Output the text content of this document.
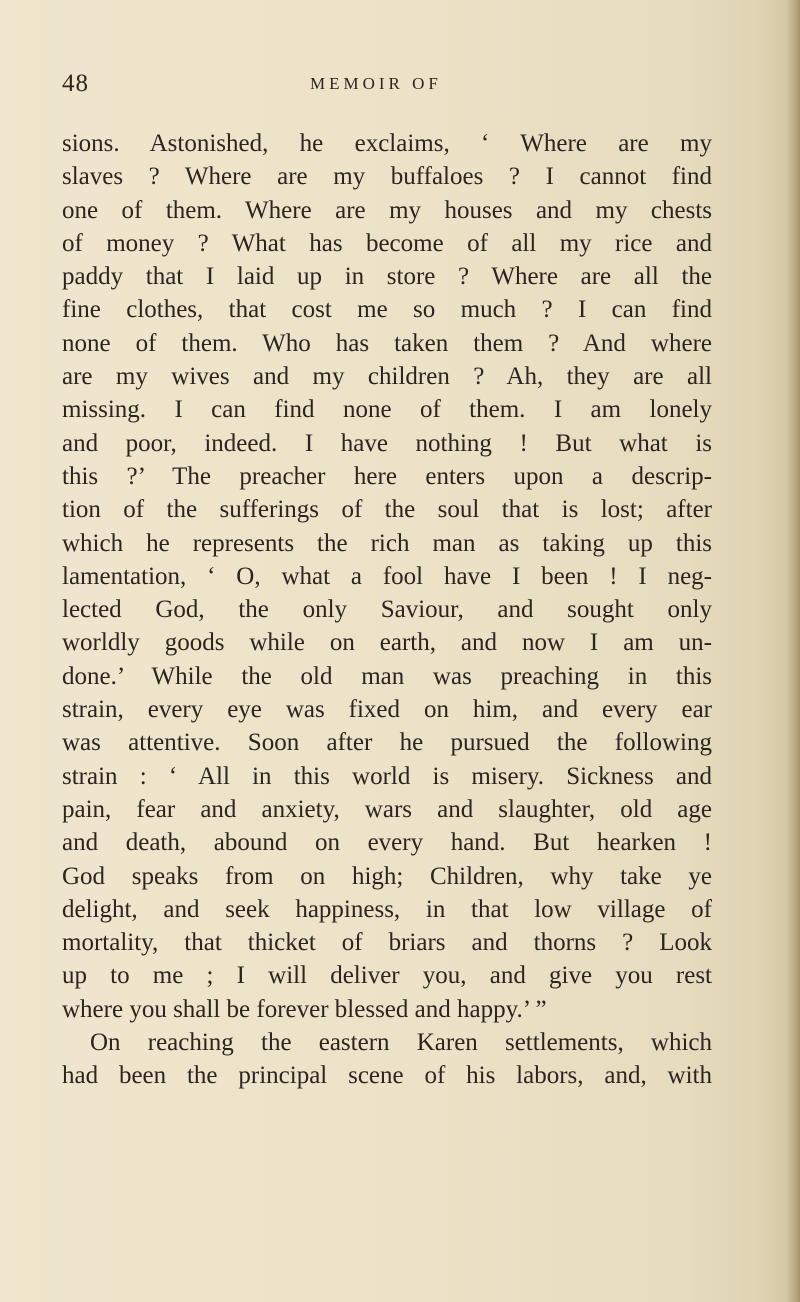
48	MEMOIR OF
sions. Astonished, he exclaims, ‘ Where are my
slaves ? Where are my buffaloes ? I cannot find
one of them. Where are my houses and my chests
of money ? What has become of all my rice and
paddy that I laid up in store ? Where are all the
fine clothes, that cost me so much ? I can find
none of them. Who has taken them ? And where
are my wives and my children ? Ah, they are all
missing. I can find none of them. I am lonely
and poor, indeed. I have nothing ! But what is
this ?’ The preacher here enters upon a descrip-
tion of the sufferings of the soul that is lost; after
which he represents the rich man as taking up this
lamentation, ‘ O, what a fool have I been ! I neg-
lected God, the only Saviour, and sought only
worldly goods while on earth, and now I am un-
done.’ While the old man was preaching in this
strain, every eye was fixed on him, and every ear
was attentive. Soon after he pursued the following
strain : ‘ All in this world is misery. Sickness and
pain, fear and anxiety, wars and slaughter, old age
and death, abound on every hand. But hearken !
God speaks from on high; Children, why take ye
delight, and seek happiness, in that low village of
mortality, that thicket of briars and thorns ? Look
up to me ; I will deliver you, and give you rest
where you shall be forever blessed and happy.’ ”
On reaching the eastern Karen settlements, which
had been the principal scene of his labors, and, with
